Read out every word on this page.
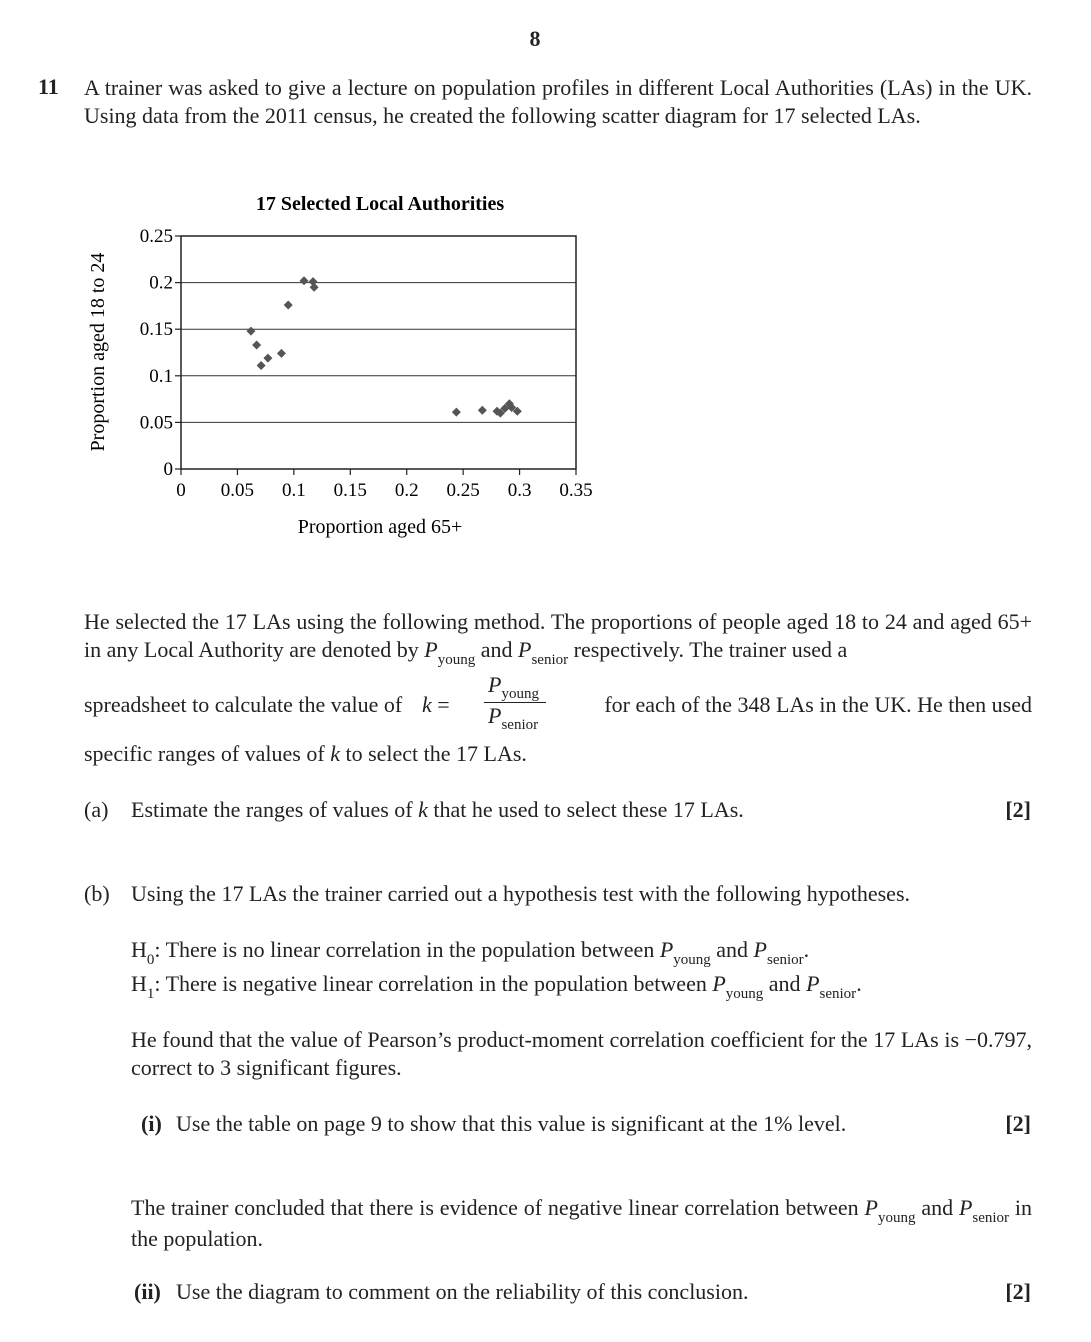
8
11 A trainer was asked to give a lecture on population profiles in different Local Authorities (LAs) in the UK. Using data from the 2011 census, he created the following scatter diagram for 17 selected LAs.
17 Selected Local Authorities
0
0.05
0.1
0.15
0.2
0.25
0 0.05 0.1 0.15 0.2 0.25 0.3 0.35
Proportion aged 65+
Proportion aged 18 to 24
He selected the 17 LAs using the following method. The proportions of people aged 18 to 24 and aged 65+ in any Local Authority are denoted by $P_{young}$ and $P_{senior}$ respectively. The trainer used a
spreadsheet to calculate the value of k =
$P_{young}$
$P_{senior}$
for each of the 348 LAs in the UK. He then used
specific ranges of values of k to select the 17 LAs.
(a) Estimate the ranges of values of k that he used to select these 17 LAs.	[2]
(b) Using the 17 LAs the trainer carried out a hypothesis test with the following hypotheses.
$H_0$: There is no linear correlation in the population between $P_{young}$ and $P_{senior}$.
$H_1$: There is negative linear correlation in the population between $P_{young}$ and $P_{senior}$.
He found that the value of Pearson’s product-moment correlation coefficient for the 17 LAs is −0.797, correct to 3 significant figures.
(i) Use the table on page 9 to show that this value is significant at the 1% level.	[2]
The trainer concluded that there is evidence of negative linear correlation between $P_{young}$ and $P_{senior}$ in the population.
(ii) Use the diagram to comment on the reliability of this conclusion.	[2]
